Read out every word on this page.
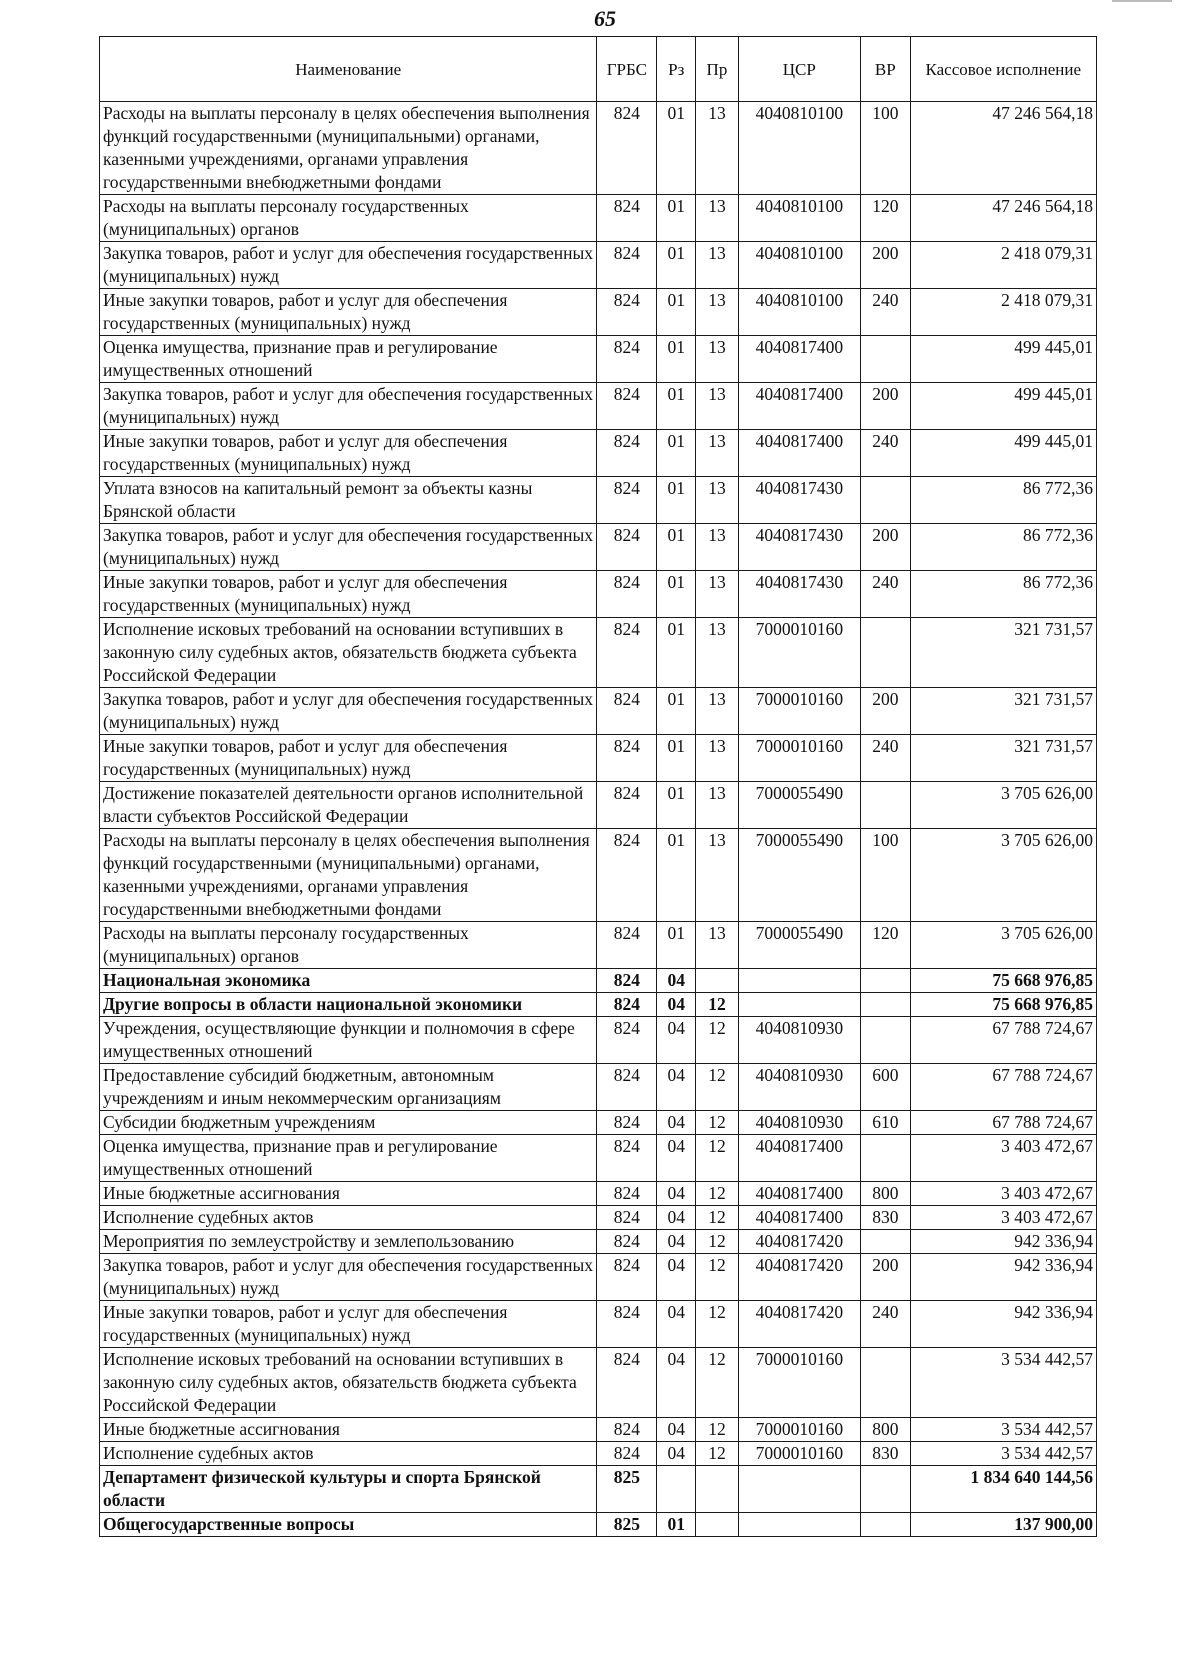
65
Наименование	ГРБС	Рз	Пр	ЦСР	ВР	Кассовое исполнение
Расходы на выплаты персоналу в целях обеспечения выполнения функций государственными (муниципальными) органами, казенными учреждениями, органами управления государственными внебюджетными фондами	824	01	13	4040810100	100	47 246 564,18
Расходы на выплаты персоналу государственных (муниципальных) органов	824	01	13	4040810100	120	47 246 564,18
Закупка товаров, работ и услуг для обеспечения государственных (муниципальных) нужд	824	01	13	4040810100	200	2 418 079,31
Иные закупки товаров, работ и услуг для обеспечения государственных (муниципальных) нужд	824	01	13	4040810100	240	2 418 079,31
Оценка имущества, признание прав и регулирование имущественных отношений	824	01	13	4040817400		499 445,01
Закупка товаров, работ и услуг для обеспечения государственных (муниципальных) нужд	824	01	13	4040817400	200	499 445,01
Иные закупки товаров, работ и услуг для обеспечения государственных (муниципальных) нужд	824	01	13	4040817400	240	499 445,01
Уплата взносов на капитальный ремонт за объекты казны Брянской области	824	01	13	4040817430		86 772,36
Закупка товаров, работ и услуг для обеспечения государственных (муниципальных) нужд	824	01	13	4040817430	200	86 772,36
Иные закупки товаров, работ и услуг для обеспечения государственных (муниципальных) нужд	824	01	13	4040817430	240	86 772,36
Исполнение исковых требований на основании вступивших в законную силу судебных актов, обязательств бюджета субъекта Российской Федерации	824	01	13	7000010160		321 731,57
Закупка товаров, работ и услуг для обеспечения государственных (муниципальных) нужд	824	01	13	7000010160	200	321 731,57
Иные закупки товаров, работ и услуг для обеспечения государственных (муниципальных) нужд	824	01	13	7000010160	240	321 731,57
Достижение показателей деятельности органов исполнительной власти субъектов Российской Федерации	824	01	13	7000055490		3 705 626,00
Расходы на выплаты персоналу в целях обеспечения выполнения функций государственными (муниципальными) органами, казенными учреждениями, органами управления государственными внебюджетными фондами	824	01	13	7000055490	100	3 705 626,00
Расходы на выплаты персоналу государственных (муниципальных) органов	824	01	13	7000055490	120	3 705 626,00
Национальная экономика	824	04				75 668 976,85
Другие вопросы в области национальной экономики	824	04	12			75 668 976,85
Учреждения, осуществляющие функции и полномочия в сфере имущественных отношений	824	04	12	4040810930		67 788 724,67
Предоставление субсидий бюджетным, автономным учреждениям и иным некоммерческим организациям	824	04	12	4040810930	600	67 788 724,67
Субсидии бюджетным учреждениям	824	04	12	4040810930	610	67 788 724,67
Оценка имущества, признание прав и регулирование имущественных отношений	824	04	12	4040817400		3 403 472,67
Иные бюджетные ассигнования	824	04	12	4040817400	800	3 403 472,67
Исполнение судебных актов	824	04	12	4040817400	830	3 403 472,67
Мероприятия по землеустройству и землепользованию	824	04	12	4040817420		942 336,94
Закупка товаров, работ и услуг для обеспечения государственных (муниципальных) нужд	824	04	12	4040817420	200	942 336,94
Иные закупки товаров, работ и услуг для обеспечения государственных (муниципальных) нужд	824	04	12	4040817420	240	942 336,94
Исполнение исковых требований на основании вступивших в законную силу судебных актов, обязательств бюджета субъекта Российской Федерации	824	04	12	7000010160		3 534 442,57
Иные бюджетные ассигнования	824	04	12	7000010160	800	3 534 442,57
Исполнение судебных актов	824	04	12	7000010160	830	3 534 442,57
Департамент физической культуры и спорта Брянской области	825					1 834 640 144,56
Общегосударственные вопросы	825	01				137 900,00
